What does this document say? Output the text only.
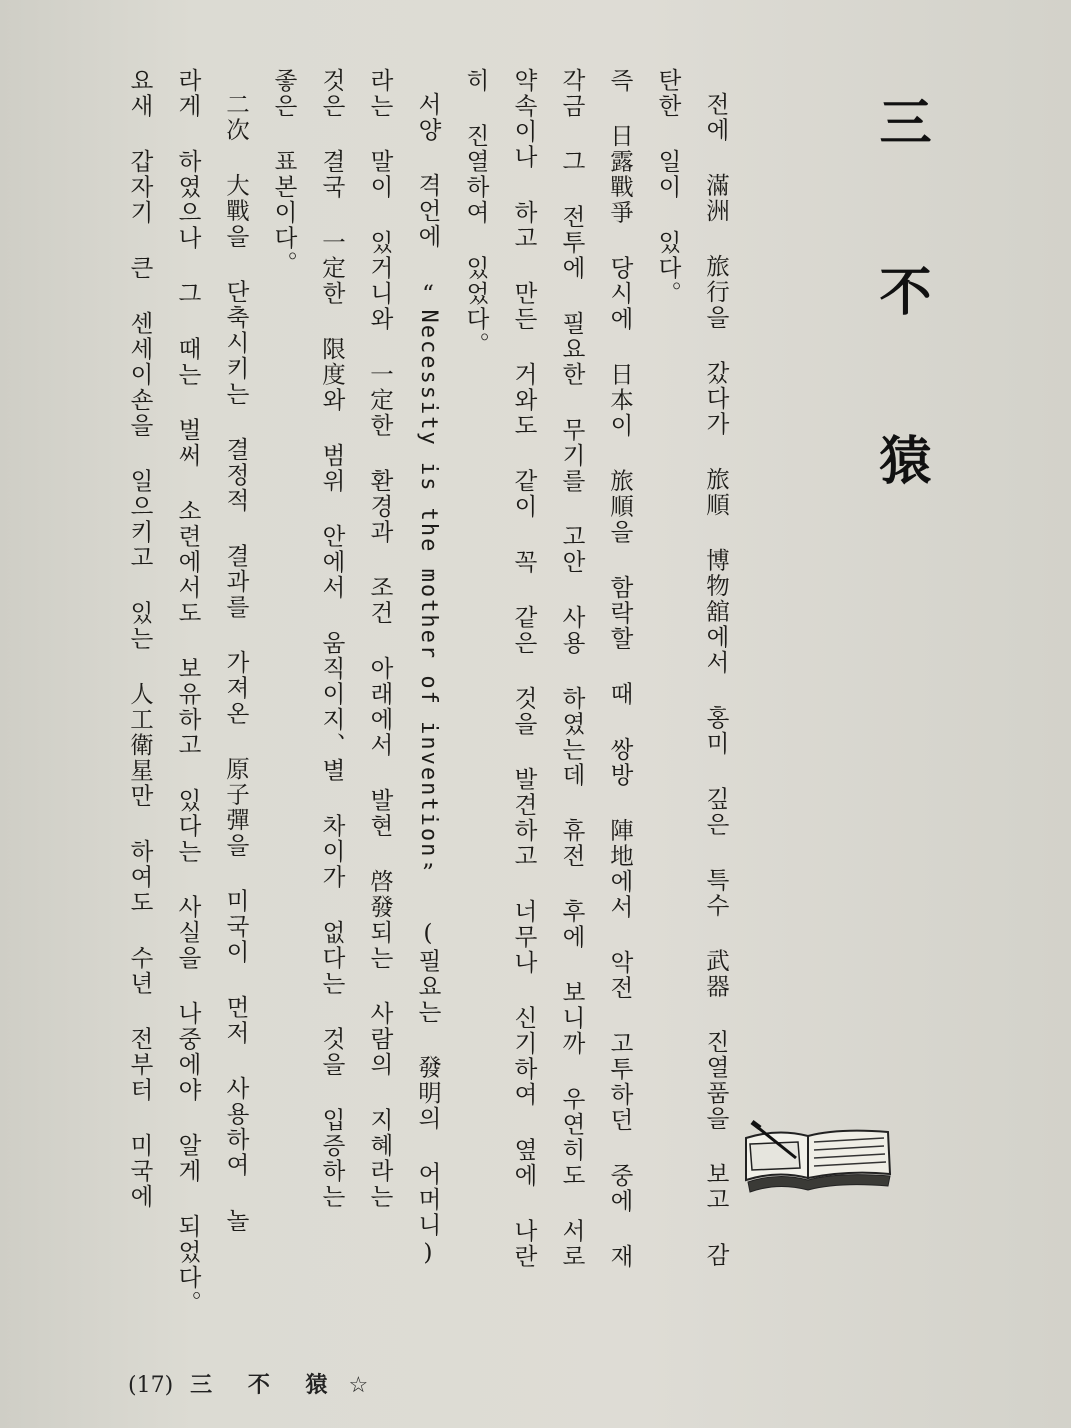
三 不 猿
전에 滿洲 旅行을 갔다가 旅順 博物舘에서 홍미 깊은 특수 武器 진열품을 보고 감
탄한 일이 있다。
즉 日露戰爭 당시에 日本이 旅順을 함락할 때 쌍방 陣地에서 악전 고투하던 중에 재
각금 그 전투에 필요한 무기를 고안 사용 하였는데 휴전 후에 보니까 우연히도 서로
약속이나 하고 만든 거와도 같이 꼭 같은 것을 발견하고 너무나 신기하여 옆에 나란
히 진열하여 있었다。
서양 격언에 “Necessity is the mother of invention” (필요는 發明의 어머니)
라는 말이 있거니와 一定한 환경과 조건 아래에서 발현 啓發되는 사람의 지혜라는
것은 결국 一定한 限度와 범위 안에서 움직이지、별 차이가 없다는 것을 입증하는
좋은 표본이다。
二次 大戰을 단축시키는 결정적 결과를 가져온 原子彈을 미국이 먼저 사용하여 놀
라게 하였으나 그 때는 벌써 소련에서도 보유하고 있다는 사실을 나중에야 알게 되었다。
요새 갑자기 큰 센세이숀을 일으키고 있는 人工衛星만 하여도 수년 전부터 미국에
(17) 三 不 猿 ☆
